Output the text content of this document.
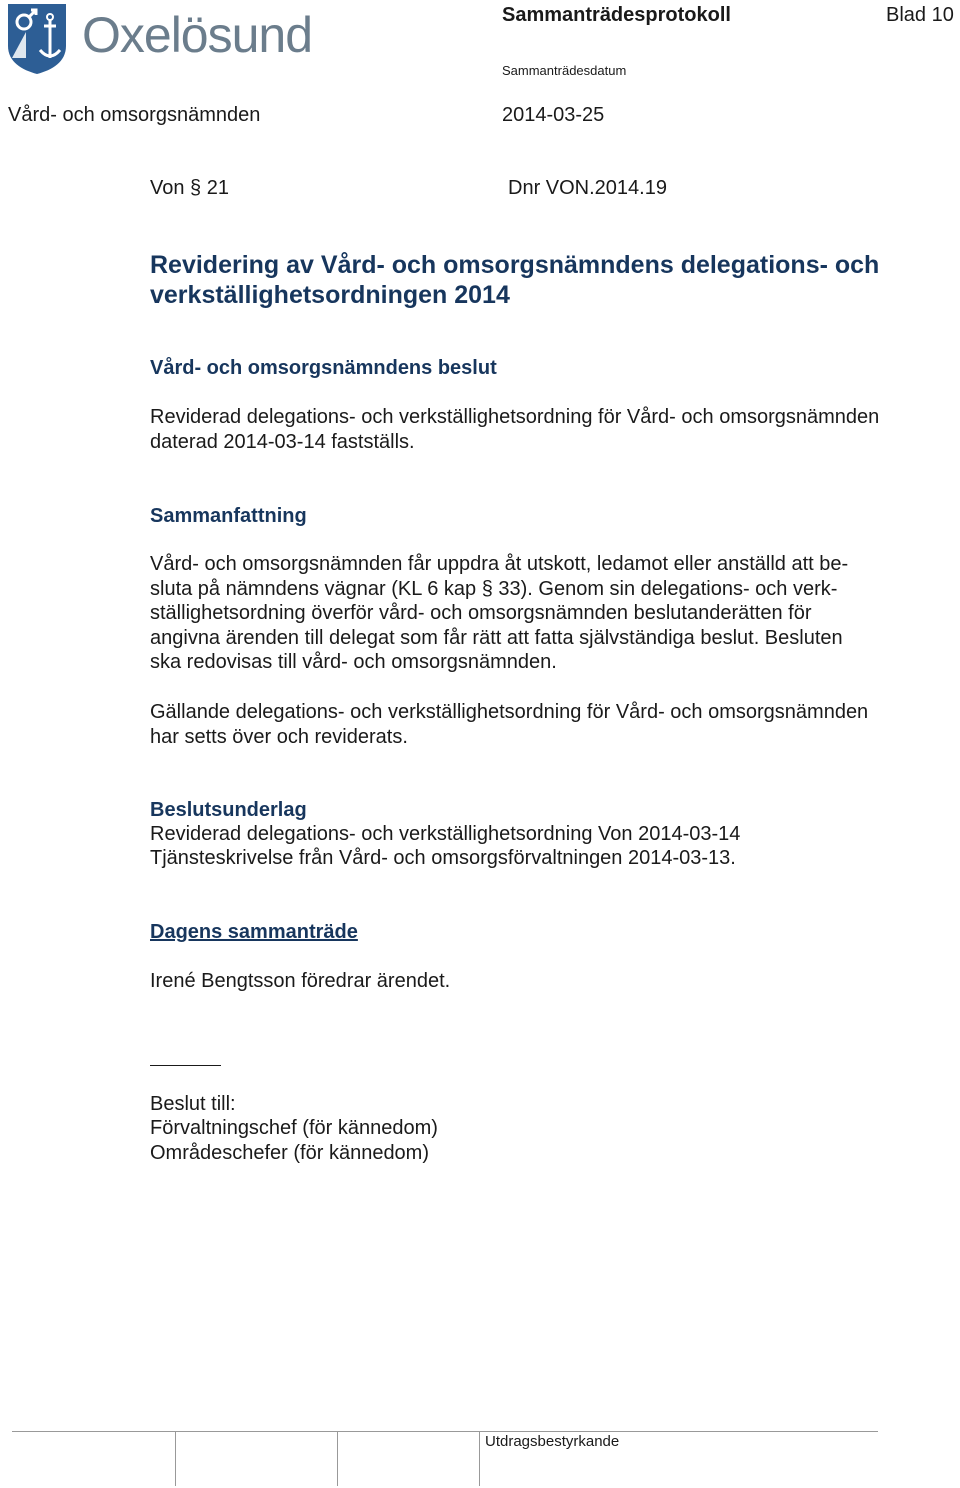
Oxelösund	Sammanträdesprotokoll	Blad 10
Sammanträdesdatum
Vård- och omsorgsnämnden	2014-03-25
Von § 21	Dnr VON.2014.19
Revidering av Vård- och omsorgsnämndens delegations- och
verkställighetsordningen 2014
Vård- och omsorgsnämndens beslut
Reviderad delegations- och verkställighetsordning för Vård- och omsorgsnämnden
daterad 2014-03-14 fastställs.
Sammanfattning

Vård- och omsorgsnämnden får uppdra åt utskott, ledamot eller anställd att be-

sluta på nämndens vägnar (KL 6 kap § 33). Genom sin delegations- och verk-

ställighetsordning överför vård- och omsorgsnämnden beslutanderätten för

angivna ärenden till delegat som får rätt att fatta självständiga beslut. Besluten

ska redovisas till vård- och omsorgsnämnden.

Gällande delegations- och verkställighetsordning för Vård- och omsorgsnämnden

har setts över och reviderats.

Beslutsunderlag
Reviderad delegations- och verkställighetsordning Von 2014-03-14
Tjänsteskrivelse från Vård- och omsorgsförvaltningen 2014-03-13.
Dagens sammanträde
Irené Bengtsson föredrar ärendet.
Beslut till:
Förvaltningschef (för kännedom)
Områdeschefer (för kännedom)
Utdragsbestyrkande
